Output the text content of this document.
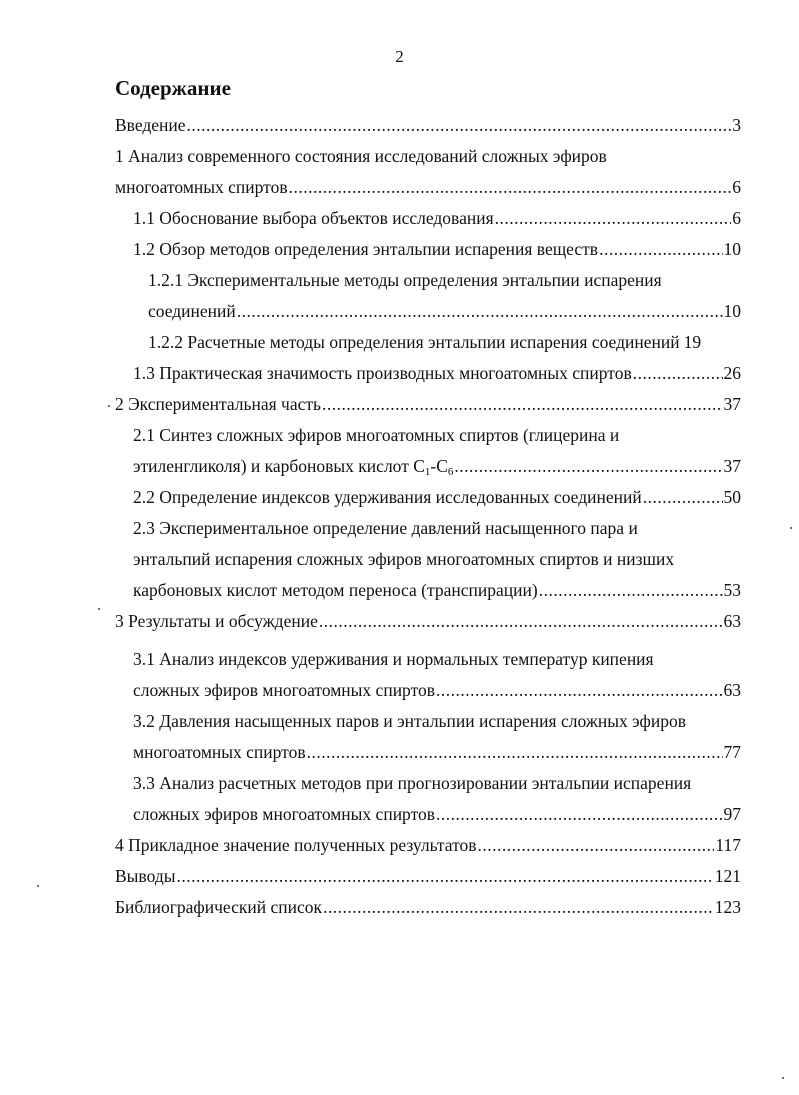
2
Содержание
Введение .....	3
1 Анализ современного состояния исследований сложных эфиров
многоатомных спиртов .....	6
1.1 Обоснование выбора объектов исследования .....	6
1.2 Обзор методов определения энтальпии испарения веществ .....	10
1.2.1 Экспериментальные методы определения энтальпии испарения
соединений .....	10
1.2.2 Расчетные методы определения энтальпии испарения соединений 19
1.3 Практическая значимость производных многоатомных спиртов .....	26
2 Экспериментальная часть .....	37
2.1 Синтез сложных эфиров многоатомных спиртов (глицерина и
этиленгликоля) и карбоновых кислот $C_1-C_6$ .....	37
2.2 Определение индексов удерживания исследованных соединений .....	50
2.3 Экспериментальное определение давлений насыщенного пара и
энтальпий испарения сложных эфиров многоатомных спиртов и низших
карбоновых кислот методом переноса (транспирации) .....	53
3 Результаты и обсуждение .....	63
3.1 Анализ индексов удерживания и нормальных температур кипения
сложных эфиров многоатомных спиртов .....	63
3.2 Давления насыщенных паров и энтальпии испарения сложных эфиров
многоатомных спиртов .....	77
3.3 Анализ расчетных методов при прогнозировании энтальпии испарения
сложных эфиров многоатомных спиртов .....	97
4 Прикладное значение полученных результатов .....	117
Выводы .....	121
Библиографический список .....	123
